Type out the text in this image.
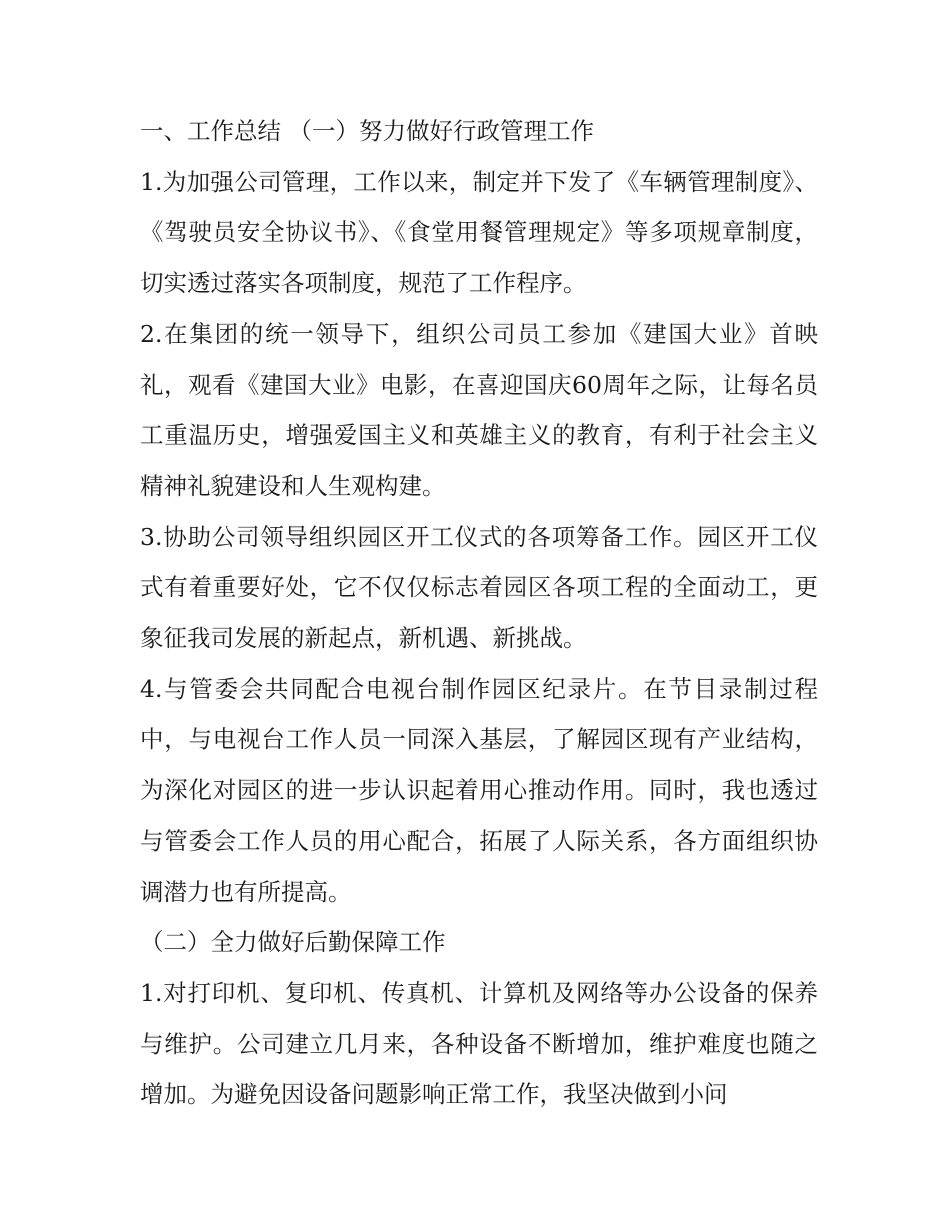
一、工作总结 （一）努力做好行政管理工作

1.为加强公司管理，工作以来，制定并下发了《车辆管理制度》、《驾驶员安全协议书》、《食堂用餐管理规定》等多项规章制度，切实透过落实各项制度，规范了工作程序。

2.在集团的统一领导下，组织公司员工参加《建国大业》首映礼，观看《建国大业》电影，在喜迎国庆60周年之际，让每名员工重温历史，增强爱国主义和英雄主义的教育，有利于社会主义精神礼貌建设和人生观构建。

3.协助公司领导组织园区开工仪式的各项筹备工作。园区开工仪式有着重要好处，它不仅仅标志着园区各项工程的全面动工，更象征我司发展的新起点，新机遇、新挑战。

4.与管委会共同配合电视台制作园区纪录片。在节目录制过程中，与电视台工作人员一同深入基层，了解园区现有产业结构，为深化对园区的进一步认识起着用心推动作用。同时，我也透过与管委会工作人员的用心配合，拓展了人际关系，各方面组织协调潜力也有所提高。

（二）全力做好后勤保障工作

1.对打印机、复印机、传真机、计算机及网络等办公设备的保养与维护。公司建立几月来，各种设备不断增加，维护难度也随之增加。为避免因设备问题影响正常工作，我坚决做到小问
